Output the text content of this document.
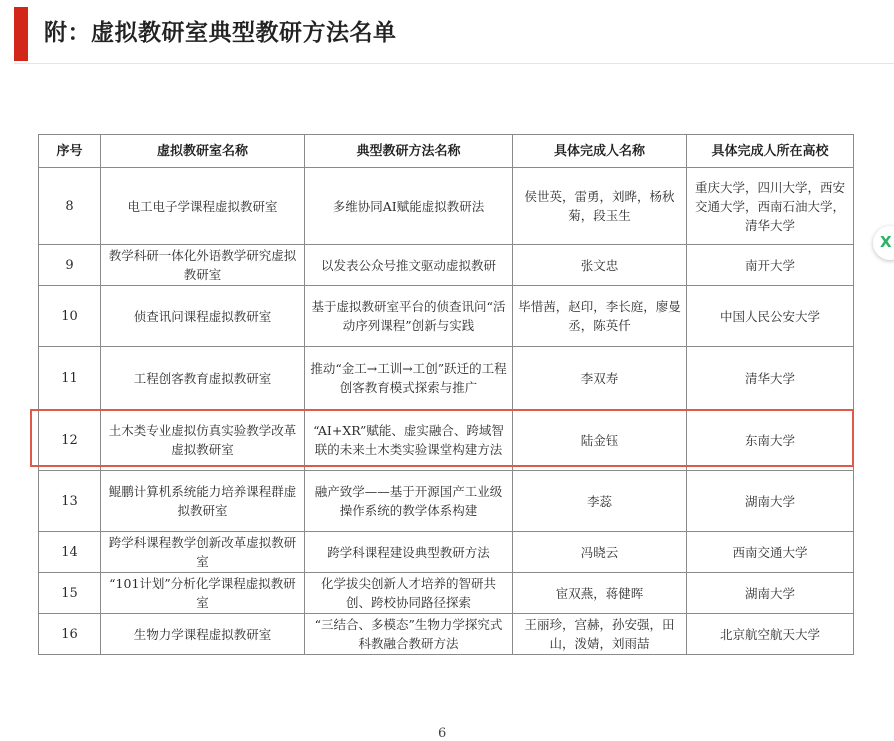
附：虚拟教研室典型教研方法名单
序号	虚拟教研室名称	典型教研方法名称	具体完成人名称	具体完成人所在高校
8	电工电子学课程虚拟教研室	多维协同AI赋能虚拟教研法	侯世英，雷勇，刘晔，杨秋菊，段玉生	重庆大学，四川大学，西安交通大学，西南石油大学，清华大学
9	教学科研一体化外语教学研究虚拟教研室	以发表公众号推文驱动虚拟教研	张文忠	南开大学
10	侦查讯问课程虚拟教研室	基于虚拟教研室平台的侦查讯问“活动序列课程”创新与实践	毕惜茜，赵印，李长庭，廖曼丞，陈英仟	中国人民公安大学
11	工程创客教育虚拟教研室	推动“金工→工训→工创”跃迁的工程创客教育模式探索与推广	李双寿	清华大学
12	土木类专业虚拟仿真实验教学改革虚拟教研室	“AI+XR”赋能、虚实融合、跨域智联的未来土木类实验课堂构建方法	陆金钰	东南大学
13	鲲鹏计算机系统能力培养课程群虚拟教研室	融产致学——基于开源国产工业级操作系统的教学体系构建	李蕊	湖南大学
14	跨学科课程教学创新改革虚拟教研室	跨学科课程建设典型教研方法	冯晓云	西南交通大学
15	“101计划”分析化学课程虚拟教研室	化学拔尖创新人才培养的智研共创、跨校协同路径探索	宦双燕，蒋健晖	湖南大学
16	生物力学课程虚拟教研室	“三结合、多模态”生物力学探究式科教融合教研方法	王丽珍，宫赫，孙安强，田山，泼婧，刘雨喆	北京航空航天大学
6
X
